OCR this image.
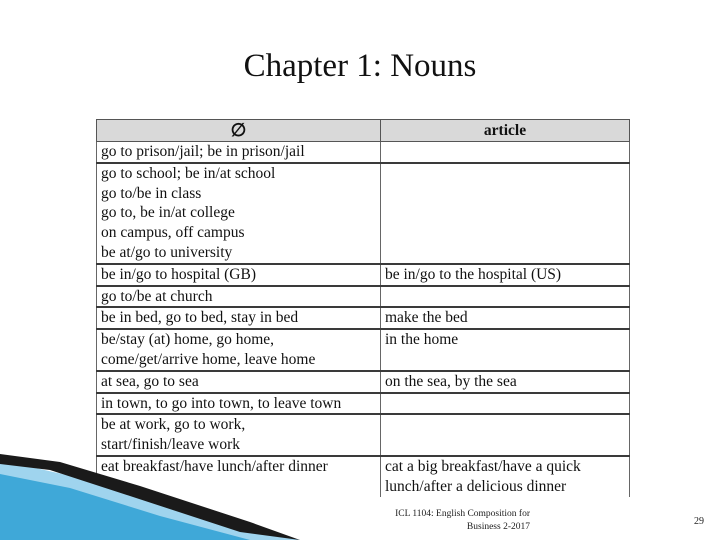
Chapter 1: Nouns
∅	article

go to prison/jail; be in prison/jail	

go to school; be in/at school
go to/be in class
go to, be in/at college
on campus, off campus
be at/go to university	

be in/go to hospital (GB)	be in/go to the hospital (US)

go to/be at church	

be in bed, go to bed, stay in bed	make the bed

be/stay (at) home, go home,
come/get/arrive home, leave home	in the home

at sea, go to sea	on the sea, by the sea

in town, to go into town, to leave town	

be at work, go to work,
start/finish/leave work	

eat breakfast/have lunch/after dinner	cat a big breakfast/have a quick
lunch/after a delicious dinner
ICL 1104: English Composition for
Business 2-2017	29
